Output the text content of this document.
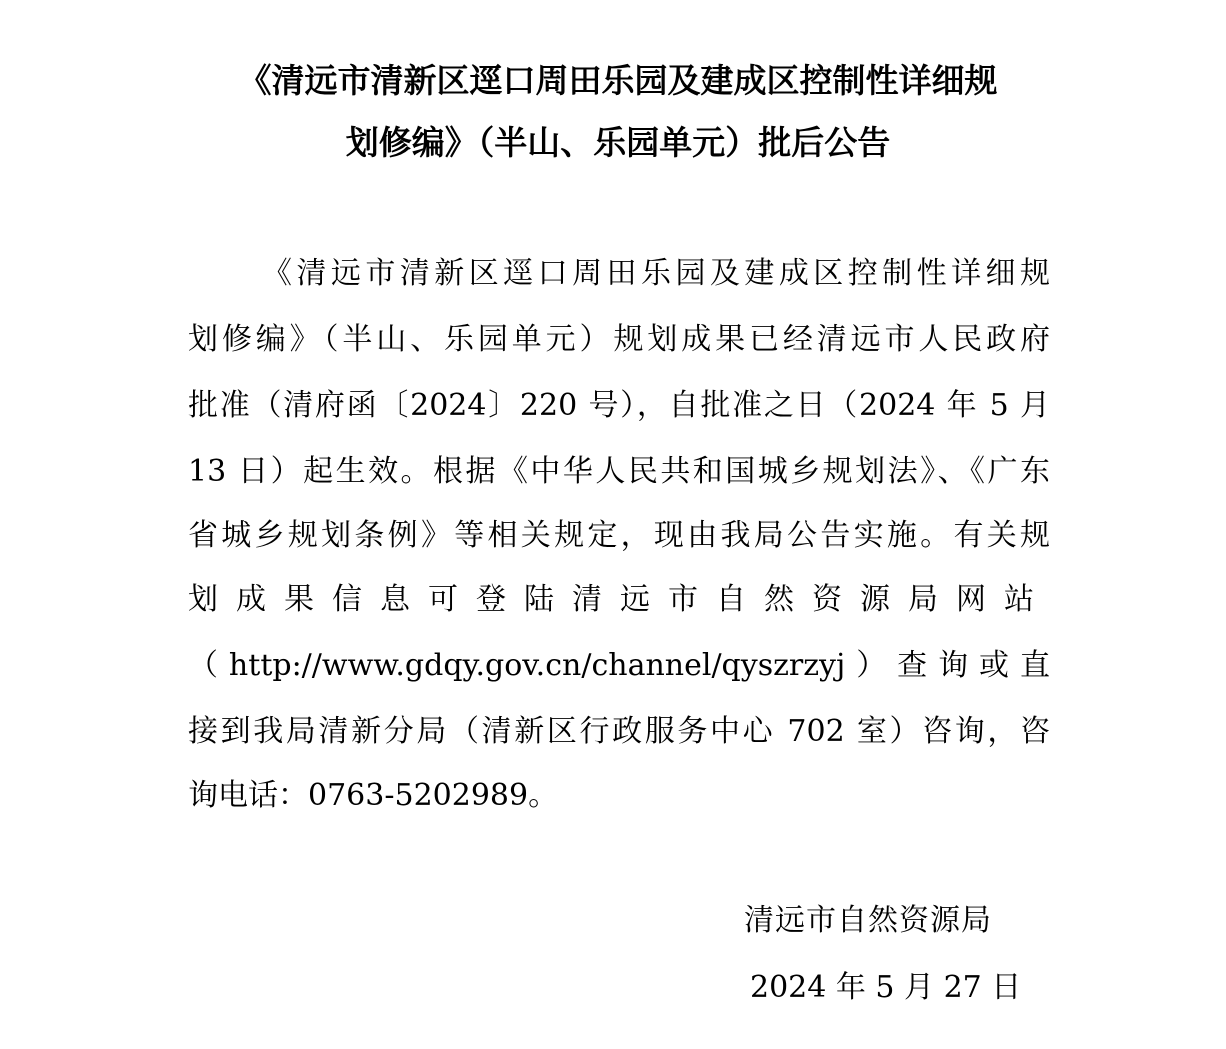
《清远市清新区逕口周田乐园及建成区控制性详细规
划修编》（半山、乐园单元）批后公告
《清远市清新区逕口周田乐园及建成区控制性详细规
划修编》（半山、乐园单元）规划成果已经清远市人民政府
批准（清府函〔2024〕220 号），自批准之日（2024 年 5 月
13 日）起生效。根据《中华人民共和国城乡规划法》、《广东
省城乡规划条例》等相关规定，现由我局公告实施。有关规
划成果信息可登陆清远市自然资源局网站
（http://www.gdqy.gov.cn/channel/qyszrzyj）查询或直
接到我局清新分局（清新区行政服务中心 702 室）咨询，咨
询电话：0763-5202989。
清远市自然资源局
2024 年 5 月 27 日
